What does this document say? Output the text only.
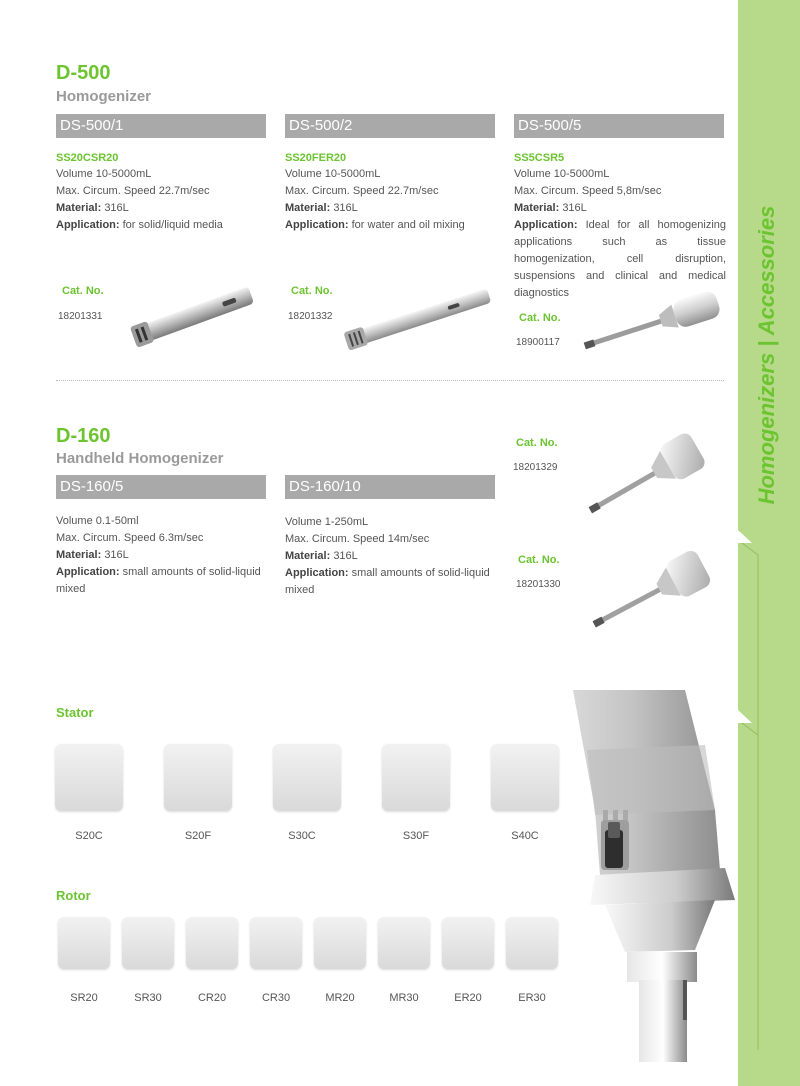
Homogenizers | Accessories
D-500
Homogenizer
DS-500/1
SS20CSR20
Volume 10-5000mL
Max. Circum. Speed 22.7m/sec
Material: 316L
Application: for solid/liquid media
Cat. No.
18201331
DS-500/2
SS20FER20
Volume 10-5000mL
Max. Circum. Speed 22.7m/sec
Material: 316L
Application: for water and oil mixing
Cat. No.
18201332
DS-500/5
SS5CSR5
Volume 10-5000mL
Max. Circum. Speed 5,8m/sec
Material: 316L
Application: Ideal for all homogenizing applications such as tissue homogenization, cell disruption, suspensions and clinical and medical diagnostics
Cat. No.
18900117
D-160
Handheld Homogenizer
DS-160/5
Volume 0.1-50ml
Max. Circum. Speed 6.3m/sec
Material: 316L
Application: small amounts of solid-liquid mixed
DS-160/10
Volume 1-250mL
Max. Circum. Speed 14m/sec
Material: 316L
Application: small amounts of solid-liquid mixed
Cat. No.
18201329
Cat. No.
18201330
Stator
S20C	S20F	S30C	S30F	S40C
Rotor
SR20	SR30	CR20	CR30	MR20	MR30	ER20	ER30
